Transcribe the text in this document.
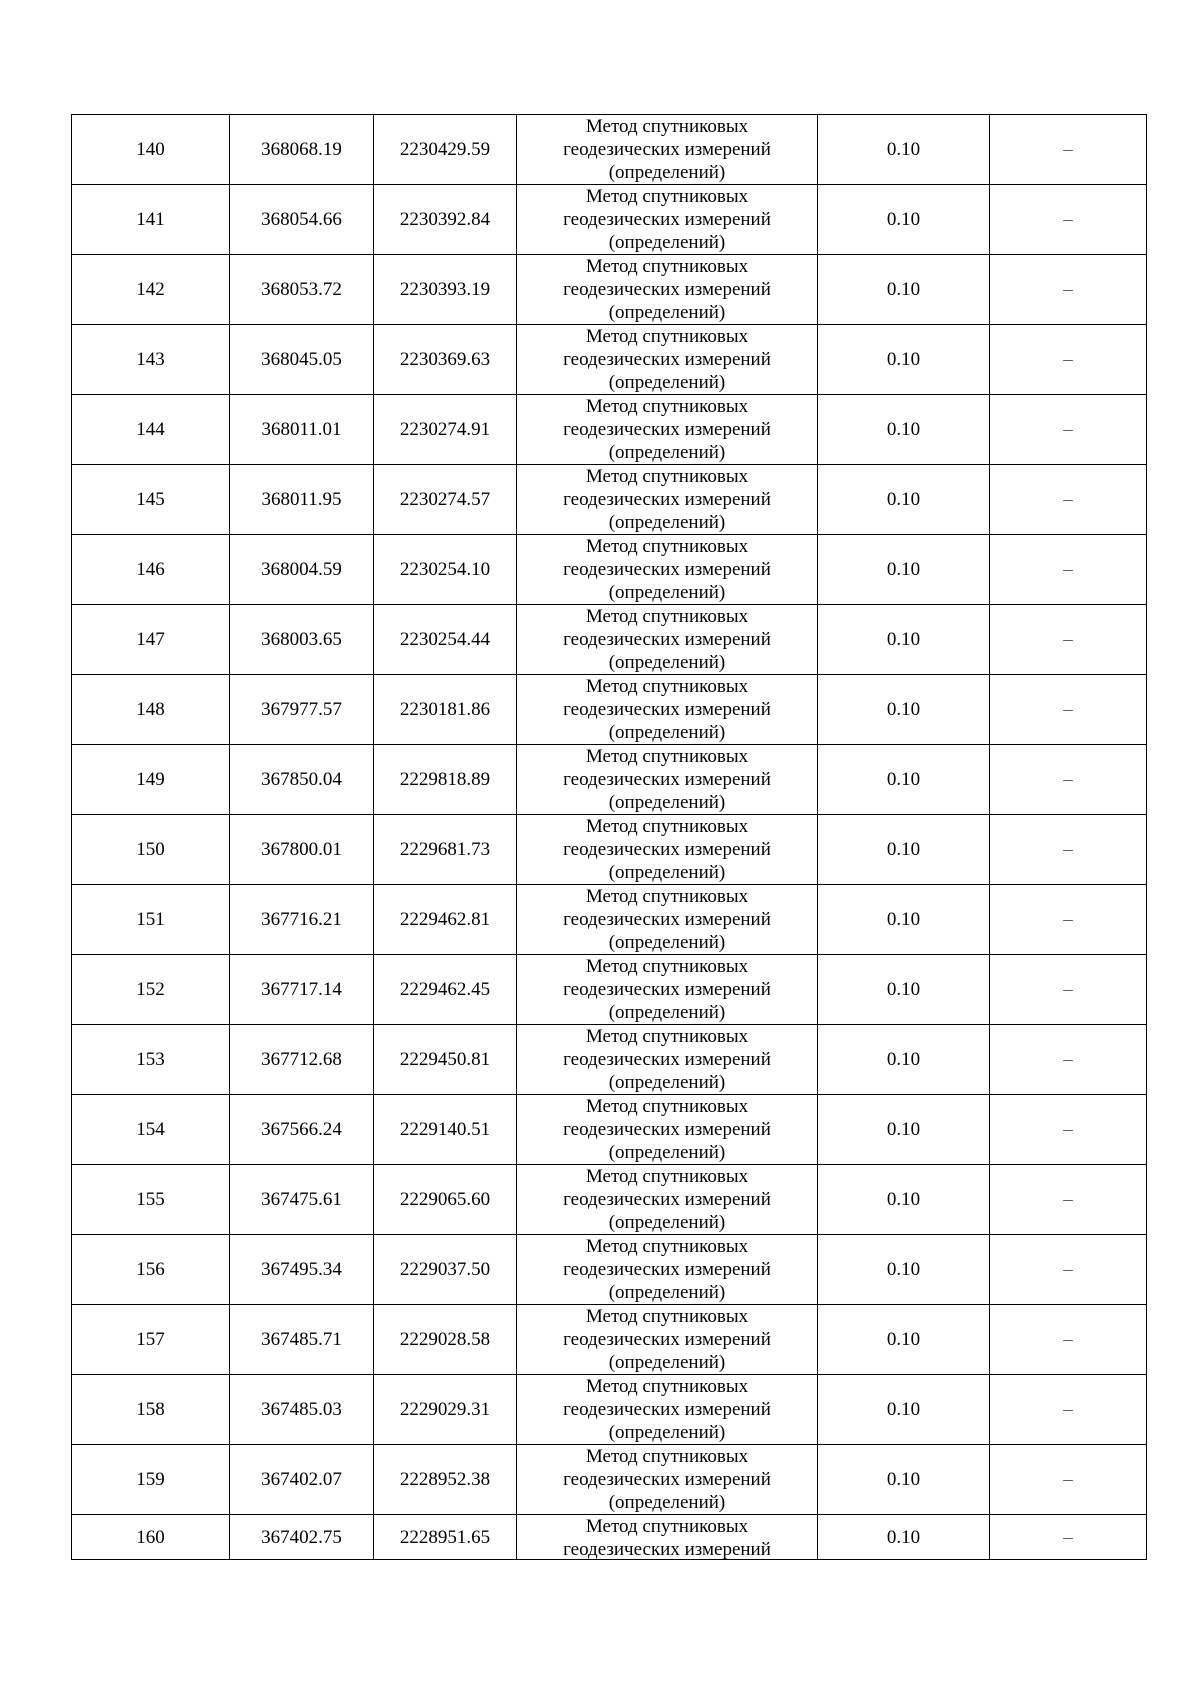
140	368068.19	2230429.59	Метод спутниковых
геодезических измерений
(определений)	0.10	–
141	368054.66	2230392.84	Метод спутниковых
геодезических измерений
(определений)	0.10	–
142	368053.72	2230393.19	Метод спутниковых
геодезических измерений
(определений)	0.10	–
143	368045.05	2230369.63	Метод спутниковых
геодезических измерений
(определений)	0.10	–
144	368011.01	2230274.91	Метод спутниковых
геодезических измерений
(определений)	0.10	–
145	368011.95	2230274.57	Метод спутниковых
геодезических измерений
(определений)	0.10	–
146	368004.59	2230254.10	Метод спутниковых
геодезических измерений
(определений)	0.10	–
147	368003.65	2230254.44	Метод спутниковых
геодезических измерений
(определений)	0.10	–
148	367977.57	2230181.86	Метод спутниковых
геодезических измерений
(определений)	0.10	–
149	367850.04	2229818.89	Метод спутниковых
геодезических измерений
(определений)	0.10	–
150	367800.01	2229681.73	Метод спутниковых
геодезических измерений
(определений)	0.10	–
151	367716.21	2229462.81	Метод спутниковых
геодезических измерений
(определений)	0.10	–
152	367717.14	2229462.45	Метод спутниковых
геодезических измерений
(определений)	0.10	–
153	367712.68	2229450.81	Метод спутниковых
геодезических измерений
(определений)	0.10	–
154	367566.24	2229140.51	Метод спутниковых
геодезических измерений
(определений)	0.10	–
155	367475.61	2229065.60	Метод спутниковых
геодезических измерений
(определений)	0.10	–
156	367495.34	2229037.50	Метод спутниковых
геодезических измерений
(определений)	0.10	–
157	367485.71	2229028.58	Метод спутниковых
геодезических измерений
(определений)	0.10	–
158	367485.03	2229029.31	Метод спутниковых
геодезических измерений
(определений)	0.10	–
159	367402.07	2228952.38	Метод спутниковых
геодезических измерений
(определений)	0.10	–
160	367402.75	2228951.65	Метод спутниковых
геодезических измерений	0.10	–
